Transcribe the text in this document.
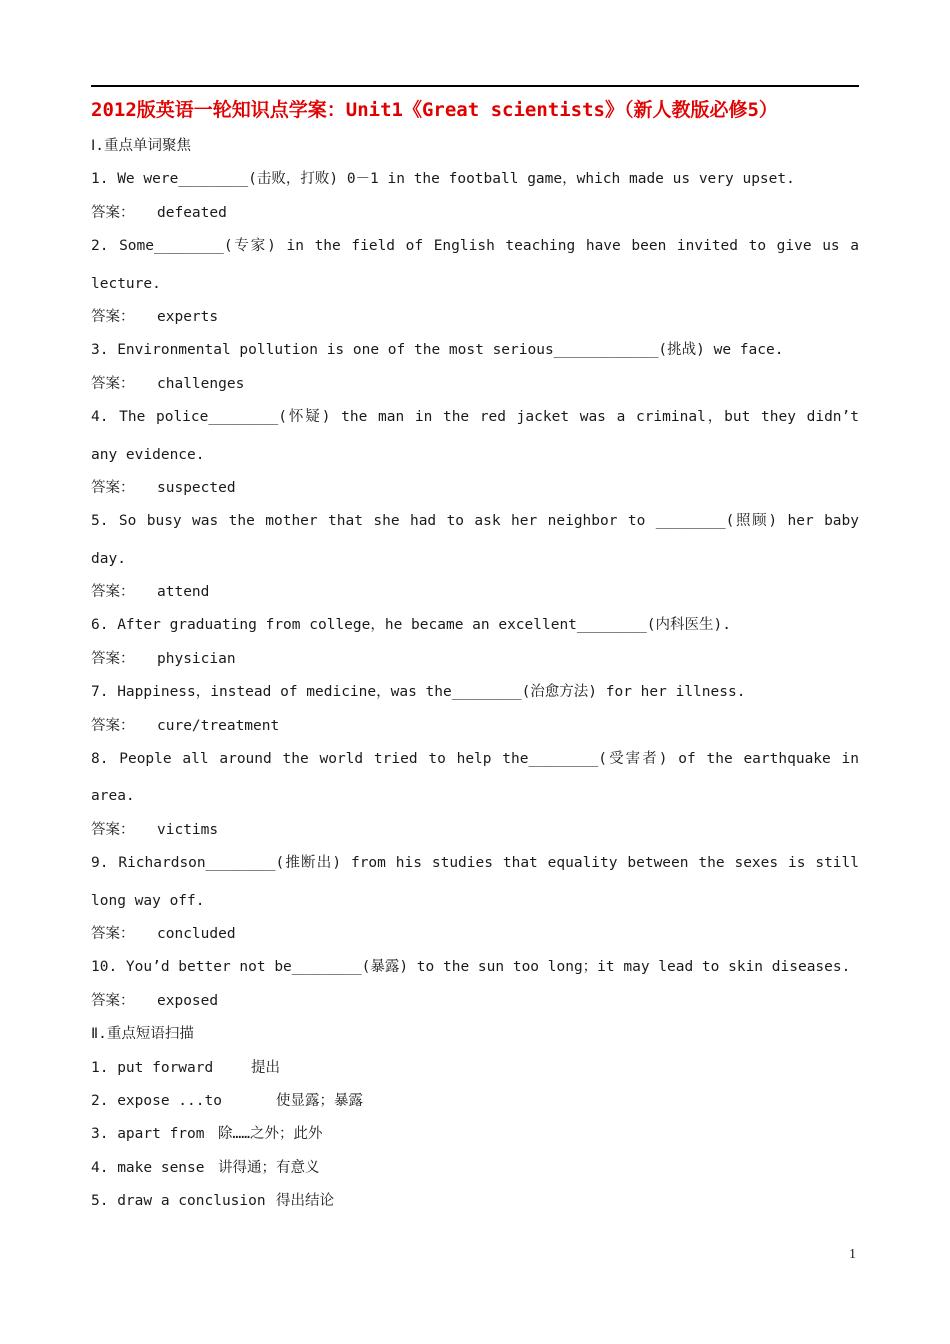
2012版英语一轮知识点学案：Unit1《Great scientists》（新人教版必修5）
Ⅰ.重点单词聚焦
1. We were________(击败，打败) 0－1 in the football game，which made us very upset.
答案： defeated
2. Some________(专家) in the field of English teaching have been invited to give us a
lecture.
答案： experts
3. Environmental pollution is one of the most serious____________(挑战) we face.
答案： challenges
4. The police________(怀疑) the man in the red jacket was a criminal，but they didn’t
any evidence.
答案： suspected
5. So busy was the mother that she had to ask her neighbor to ________(照顾) her baby
day.
答案： attend
6. After graduating from college，he became an excellent________(内科医生).
答案： physician
7. Happiness，instead of medicine，was the________(治愈方法) for her illness.
答案： cure/treatment
8. People all around the world tried to help the________(受害者) of the earthquake in
area.
答案： victims
9. Richardson________(推断出) from his studies that equality between the sexes is still
long way off.
答案： concluded
10. You’d better not be________(暴露) to the sun too long；it may lead to skin diseases.
答案： exposed
Ⅱ.重点短语扫描
1. put forward	提出
2. expose ...to	使显露；暴露
3. apart from 除……之外；此外
4. make sense 讲得通；有意义
5. draw a conclusion 得出结论
1
